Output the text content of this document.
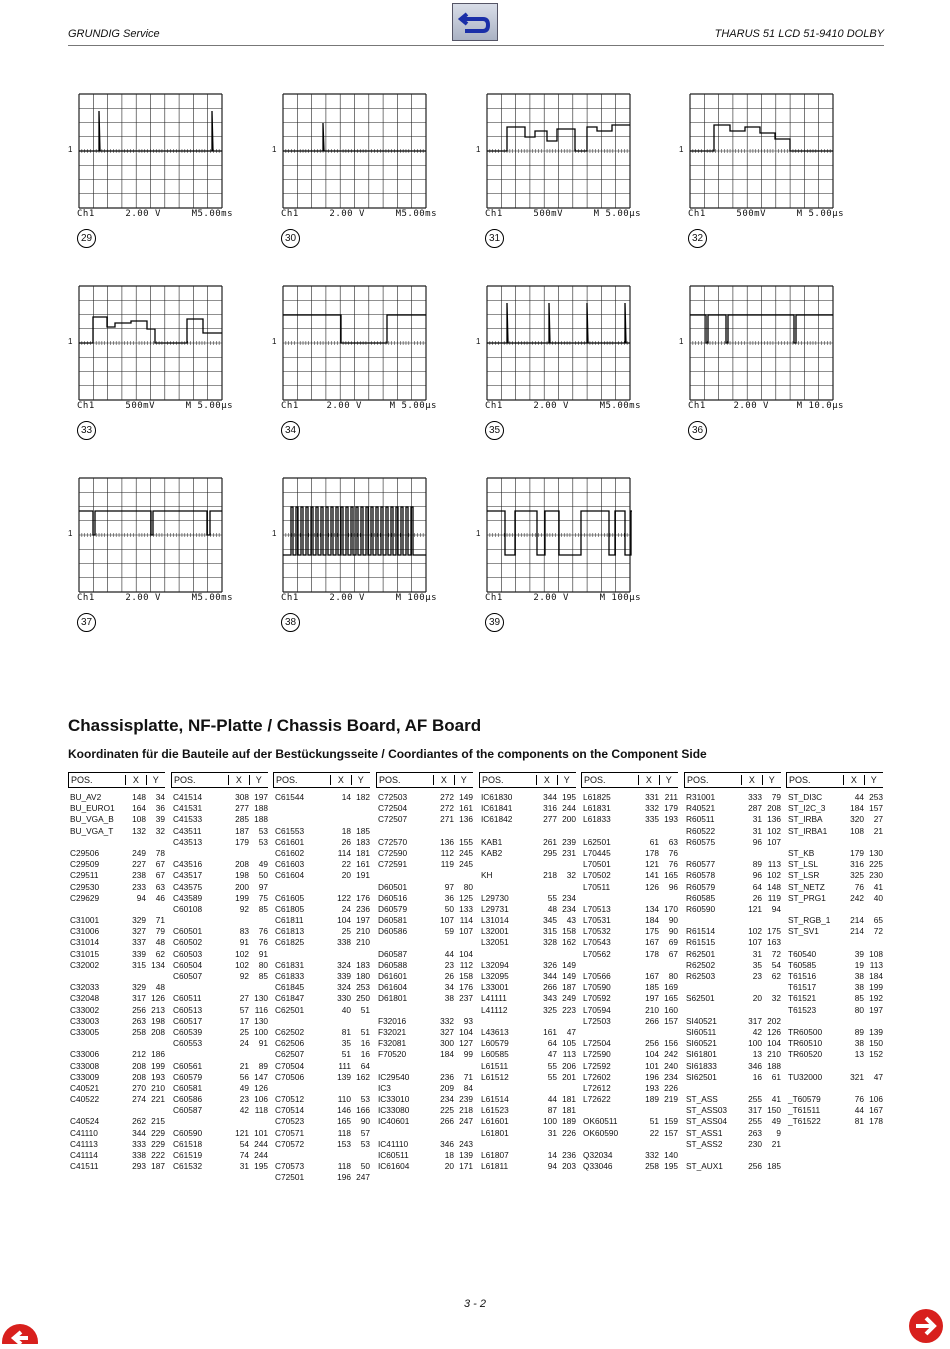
GRUNDIG Service	THARUS 51 LCD 51-9410 DOLBY
1
Ch1	2.00 V	M5.00ms
29
1
Ch1	2.00 V	M5.00ms
30
1
Ch1	500mV	M 5.00µs
31
1
Ch1	500mV	M 5.00µs
32
1
Ch1	500mV	M 5.00µs
33
1
Ch1	2.00 V	M 5.00µs
34
1
Ch1	2.00 V	M5.00ms
35
1
Ch1	2.00 V	M 10.0µs
36
1
Ch1	2.00 V	M5.00ms
37
1
Ch1	2.00 V	M 100µs
38
1
Ch1	2.00 V	M 100µs
39
Chassisplatte, NF-Platte / Chassis Board, AF Board
Koordinaten für die Bauteile auf der Bestückungsseite / Coordiantes of the components on the Component Side
POS.	X	Y
BU_AV2	148	34
BU_EURO1	164	36
BU_VGA_B	108	39
BU_VGA_T	132	32
C29506	249	78
C29509	227	67
C29511	238	67
C29530	233	63
C29629	94	46
C31001	329	71
C31006	327	79
C31014	337	48
C31015	339	62
C32002	315 134
C32033	329	48
C32048	317 126
C33002	256 213
C33003	263 198
C33005	258 208
C33006	212 186
C33008	208 199
C33009	208 193
C40521	270 210
C40522	274 221
C40524	262 215
C41110	344 229
C41113	333 229
C41114	338 222
C41511	293 187
POS.	X	Y
C41514	308 197
C41531	277 188
C41533	285 188
C43511	187	53
C43513	179	53
C43516	208	49
C43517	198	50
C43575	200	97
C43589	199	75
C60108	92	85
C60501	83	76
C60502	91	76
C60503	102	91
C60504	102	80
C60507	92	85
C60511	27 130
C60513	57 116
C60517	17 130
C60539	25 100
C60553	24	91
C60561	21	89
C60579	56 147
C60581	49 126
C60586	23 106
C60587	42 118
C60590	121 101
C61518	54 244
C61519	74 244
C61532	31 195
POS.	X	Y
C61544	14 182
C61553	18 185
C61601	26 183
C61602	114 181
C61603	22 161
C61604	20 191
C61605	122 176
C61805	24 236
C61811	104 197
C61813	25 210
C61825	338 210
C61831	324 183
C61833	339 180
C61845	324 253
C61847	330 250
C62501	40	51
C62502	81	51
C62506	35	16
C62507	51	16
C70504	111	64
C70506	139 162
C70512	110	53
C70514	146 166
C70523	165	90
C70571	118	57
C70572	153	53
C70573	118	50
C72501	196 247
POS.	X	Y
C72503	272 149
C72504	272 161
C72507	271 136
C72570	136 155
C72590	112 245
C72591	119 245
D60501	97	80
D60516	36 125
D60579	50 133
D60581	107 114
D60586	59 107
D60587	44 104
D60588	23 112
D61601	26 158
D61604	34 176
D61801	38 237
F32016	332	93
F32021	327 104
F32081	300 127
F70520	184	99
IC29540	236	71
IC3	209	84
IC33010	234 239
IC33080	225 218
IC40601	266 247
IC41110	346 243
IC60511	18 139
IC61604	20 171
POS.	X	Y
IC61830	344 195
IC61841	316 244
IC61842	277 200
KAB1	261 239
KAB2	295 231
KH	218	32
L29730	55 234
L29731	48 234
L31014	345	43
L32001	315 158
L32051	328 162
L32094	326 149
L32095	344 149
L33001	266 187
L41111	343 249
L41112	325 223
L43613	161	47
L60579	64 105
L60585	47 113
L61511	55 206
L61512	55 201
L61514	44 181
L61523	87 181
L61601	100 189
L61801	31 226
L61807	14 236
L61811	94 203
POS.	X	Y
L61825	331 211
L61831	332 179
L61833	335 193
L62501	61	63
L70445	178	76
L70501	121	76
L70502	141 165
L70511	126	96
L70513	134 170
L70531	184	90
L70532	175	90
L70543	167	69
L70562	178	67
L70566	167	80
L70590	185 169
L70592	197 165
L70594	210 160
L72503	266 157
L72504	256 156
L72590	104 242
L72592	101 240
L72602	196 234
L72612	193 226
L72622	189 219
OK60511	51 159
OK60590	22 157
Q32034	332 140
Q33046	258 195
POS.	X	Y
R31001	333	79
R40521	287 208
R60511	31 136
R60522	31 102
R60575	96 107
R60577	89 113
R60578	96 102
R60579	64 148
R60585	26 119
R60590	121	94
R61514	102 175
R61515	107 163
R62501	31	72
R62502	35	54
R62503	23	62
S62501	20	32
SI40521	317 202
SI60511	42 126
SI60521	100 104
SI61801	13 210
SI61833	346 188
SI62501	16	61
ST_ASS	255	41
ST_ASS03	317 150
ST_ASS04	255	49
ST_ASS1	263	9
ST_ASS2	230	21
ST_AUX1	256 185
POS.	X	Y
ST_DI3C	44 253
ST_I2C_3	184 157
ST_IRBA	320	27
ST_IRBA1	108	21
ST_KB	179 130
ST_LSL	316 225
ST_LSR	325 230
ST_NETZ	76	41
ST_PRG1	242	40
ST_RGB_1	214	65
ST_SV1	214	72
T60540	39 108
T60585	19 113
T61516	38 184
T61517	38 199
T61521	85 192
T61523	80 197
TR60500	89 139
TR60510	38 150
TR60520	13 152
TU32000	321	47
_T60579	76 106
_T61511	44 167
_T61522	81 178
3 - 2
